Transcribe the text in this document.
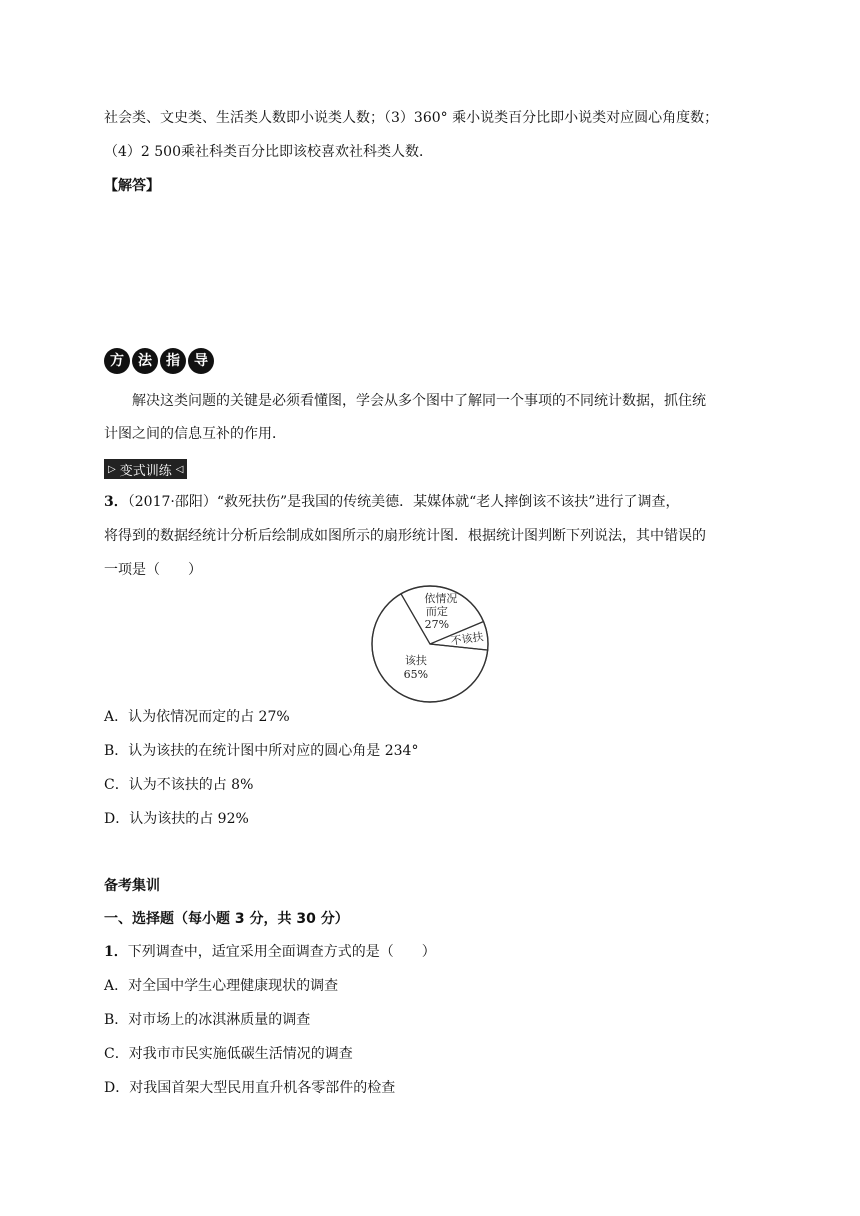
社会类、文史类、生活类人数即小说类人数；（3）360° 乘小说类百分比即小说类对应圆心角度数；
（4）2 500乘社科类百分比即该校喜欢社科类人数．
【解答】
方	法	指	导
解决这类问题的关键是必须看懂图，学会从多个图中了解同一个事项的不同统计数据，抓住统
计图之间的信息互补的作用．
▷ 变式训练 ◁
3．（2017·邵阳）“救死扶伤”是我国的传统美德．某媒体就“老人摔倒该不该扶”进行了调查，
将得到的数据经统计分析后绘制成如图所示的扇形统计图．根据统计图判断下列说法，其中错误的
一项是（　　）
依情况
而定
27%
不该扶
该扶
65%
A．认为依情况而定的占 27%
B．认为该扶的在统计图中所对应的圆心角是 234°
C．认为不该扶的占 8%
D．认为该扶的占 92%
备考集训
一、选择题（每小题 3 分，共 30 分）
1．下列调查中，适宜采用全面调查方式的是（　　）
A．对全国中学生心理健康现状的调查
B．对市场上的冰淇淋质量的调查
C．对我市市民实施低碳生活情况的调查
D．对我国首架大型民用直升机各零部件的检查
